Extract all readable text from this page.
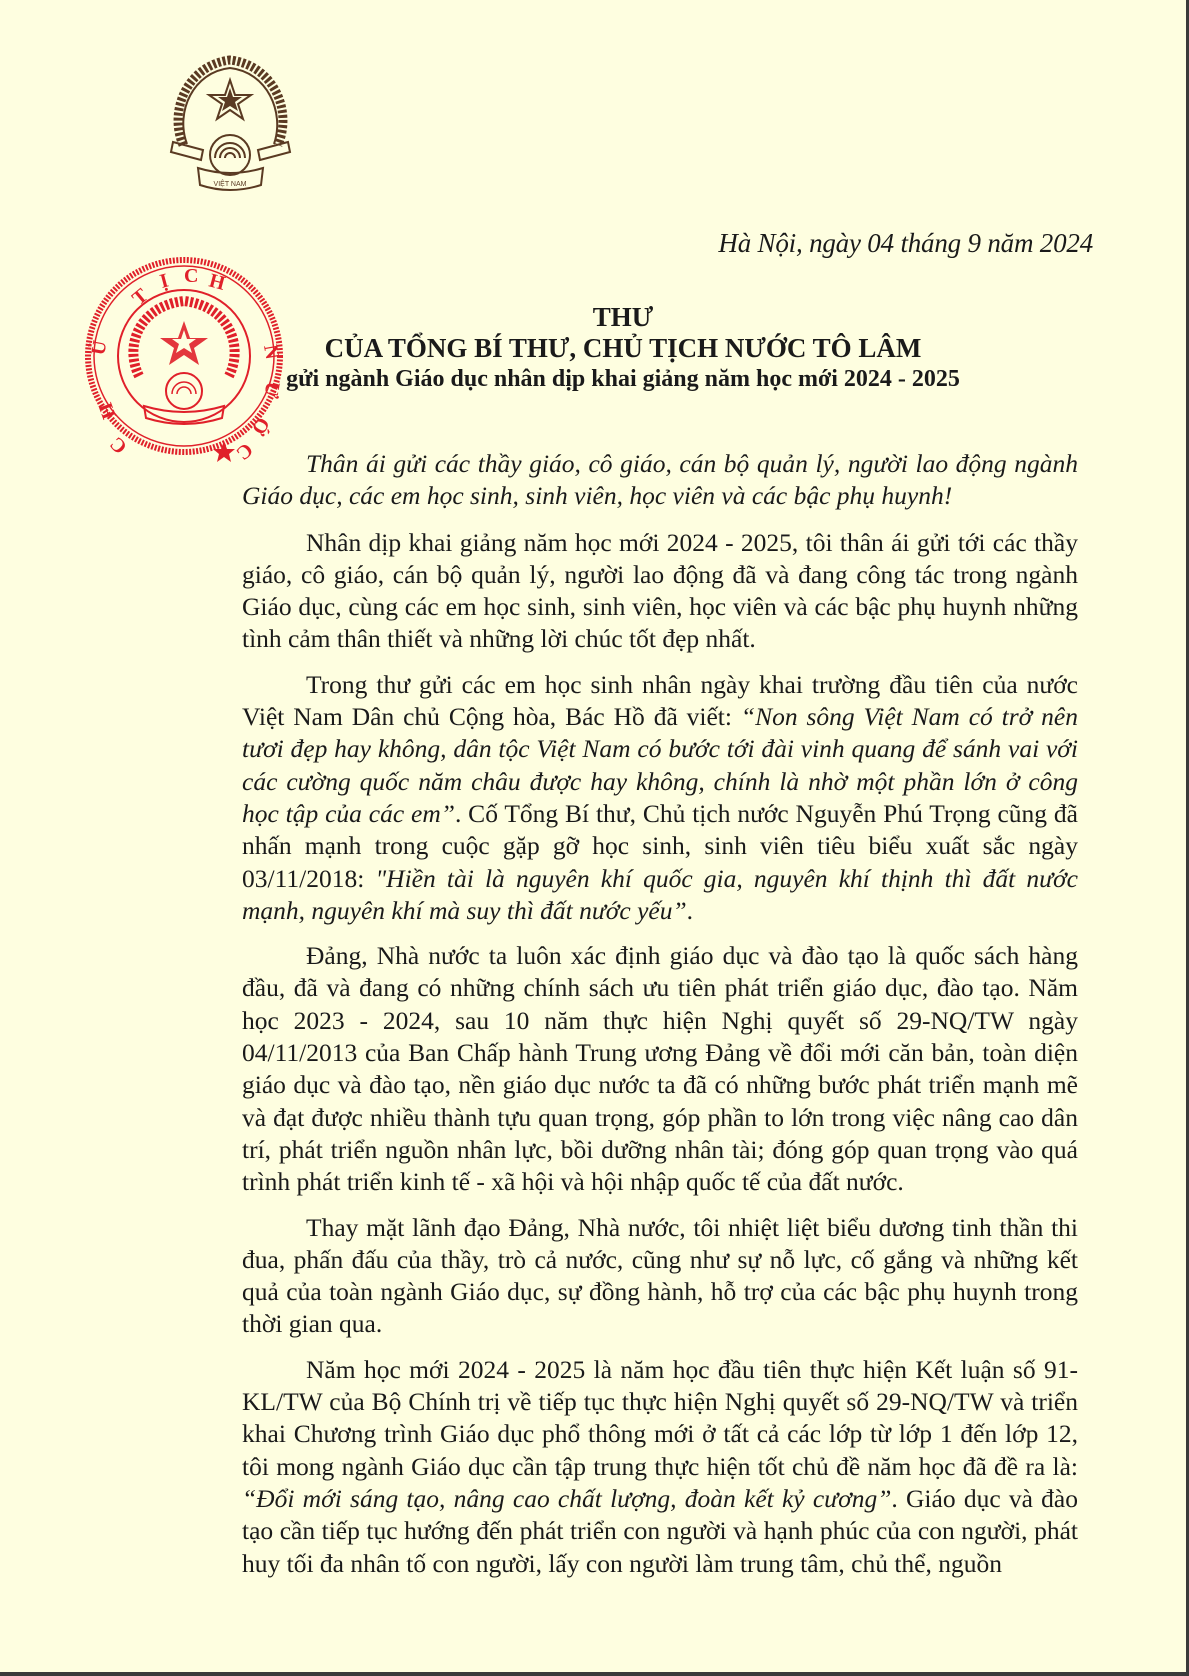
VIỆT NAM
Hà Nội, ngày 04 tháng 9 năm 2024
T
Ị C H
N
Ư
Ớ
C
Ủ
H
C
THƯ
CỦA TỔNG BÍ THƯ, CHỦ TỊCH NƯỚC TÔ LÂM
gửi ngành Giáo dục nhân dịp khai giảng năm học mới 2024 - 2025

Thân ái gửi các thầy giáo, cô giáo, cán bộ quản lý, người lao động ngành Giáo dục, các em học sinh, sinh viên, học viên và các bậc phụ huynh!

Nhân dịp khai giảng năm học mới 2024 - 2025, tôi thân ái gửi tới các thầy giáo, cô giáo, cán bộ quản lý, người lao động đã và đang công tác trong ngành Giáo dục, cùng các em học sinh, sinh viên, học viên và các bậc phụ huynh những tình cảm thân thiết và những lời chúc tốt đẹp nhất.

Trong thư gửi các em học sinh nhân ngày khai trường đầu tiên của nước Việt Nam Dân chủ Cộng hòa, Bác Hồ đã viết: “Non sông Việt Nam có trở nên tươi đẹp hay không, dân tộc Việt Nam có bước tới đài vinh quang để sánh vai với các cường quốc năm châu được hay không, chính là nhờ một phần lớn ở công học tập của các em”. Cố Tổng Bí thư, Chủ tịch nước Nguyễn Phú Trọng cũng đã nhấn mạnh trong cuộc gặp gỡ học sinh, sinh viên tiêu biểu xuất sắc ngày 03/11/2018: "Hiền tài là nguyên khí quốc gia, nguyên khí thịnh thì đất nước mạnh, nguyên khí mà suy thì đất nước yếu”.

Đảng, Nhà nước ta luôn xác định giáo dục và đào tạo là quốc sách hàng đầu, đã và đang có những chính sách ưu tiên phát triển giáo dục, đào tạo. Năm học 2023 - 2024, sau 10 năm thực hiện Nghị quyết số 29-NQ/TW ngày 04/11/2013 của Ban Chấp hành Trung ương Đảng về đổi mới căn bản, toàn diện giáo dục và đào tạo, nền giáo dục nước ta đã có những bước phát triển mạnh mẽ và đạt được nhiều thành tựu quan trọng, góp phần to lớn trong việc nâng cao dân trí, phát triển nguồn nhân lực, bồi dưỡng nhân tài; đóng góp quan trọng vào quá trình phát triển kinh tế - xã hội và hội nhập quốc tế của đất nước.

Thay mặt lãnh đạo Đảng, Nhà nước, tôi nhiệt liệt biểu dương tinh thần thi đua, phấn đấu của thầy, trò cả nước, cũng như sự nỗ lực, cố gắng và những kết quả của toàn ngành Giáo dục, sự đồng hành, hỗ trợ của các bậc phụ huynh trong thời gian qua.

Năm học mới 2024 - 2025 là năm học đầu tiên thực hiện Kết luận số 91-KL/TW của Bộ Chính trị về tiếp tục thực hiện Nghị quyết số 29-NQ/TW và triển khai Chương trình Giáo dục phổ thông mới ở tất cả các lớp từ lớp 1 đến lớp 12, tôi mong ngành Giáo dục cần tập trung thực hiện tốt chủ đề năm học đã đề ra là: “Đổi mới sáng tạo, nâng cao chất lượng, đoàn kết kỷ cương”. Giáo dục và đào tạo cần tiếp tục hướng đến phát triển con người và hạnh phúc của con người, phát huy tối đa nhân tố con người, lấy con người làm trung tâm, chủ thể, nguồn
